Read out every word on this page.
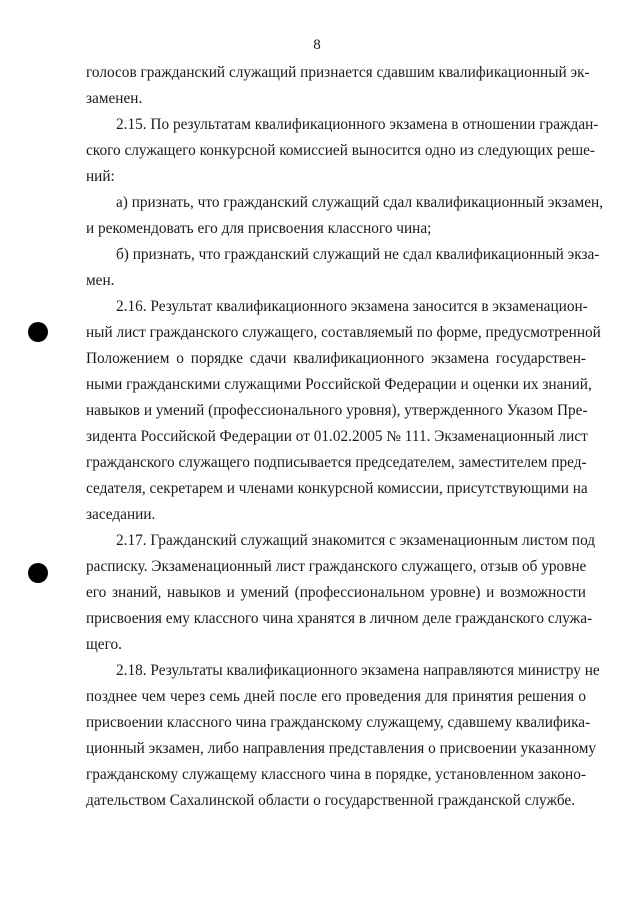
8
голосов гражданский служащий признается сдавшим квалификационный эк-
заменен.
2.15. По результатам квалификационного экзамена в отношении граждан-
ского служащего конкурсной комиссией выносится одно из следующих реше-
ний:
а) признать, что гражданский служащий сдал квалификационный экзамен,
и рекомендовать его для присвоения классного чина;
б) признать, что гражданский служащий не сдал квалификационный экза-
мен.
2.16. Результат квалификационного экзамена заносится в экзаменацион-
ный лист гражданского служащего, составляемый по форме, предусмотренной
Положением о порядке сдачи квалификационного экзамена государствен-
ными гражданскими служащими Российской Федерации и оценки их знаний,
навыков и умений (профессионального уровня), утвержденного Указом Пре-
зидента Российской Федерации от 01.02.2005 № 111. Экзаменационный лист
гражданского служащего подписывается председателем, заместителем пред-
седателя, секретарем и членами конкурсной комиссии, присутствующими на
заседании.
2.17. Гражданский служащий знакомится с экзаменационным листом под
расписку. Экзаменационный лист гражданского служащего, отзыв об уровне
его знаний, навыков и умений (профессиональном уровне) и возможности
присвоения ему классного чина хранятся в личном деле гражданского служа-
щего.
2.18. Результаты квалификационного экзамена направляются министру не
позднее чем через семь дней после его проведения для принятия решения о
присвоении классного чина гражданскому служащему, сдавшему квалифика-
ционный экзамен, либо направления представления о присвоении указанному
гражданскому служащему классного чина в порядке, установленном законо-
дательством Сахалинской области о государственной гражданской службе.
